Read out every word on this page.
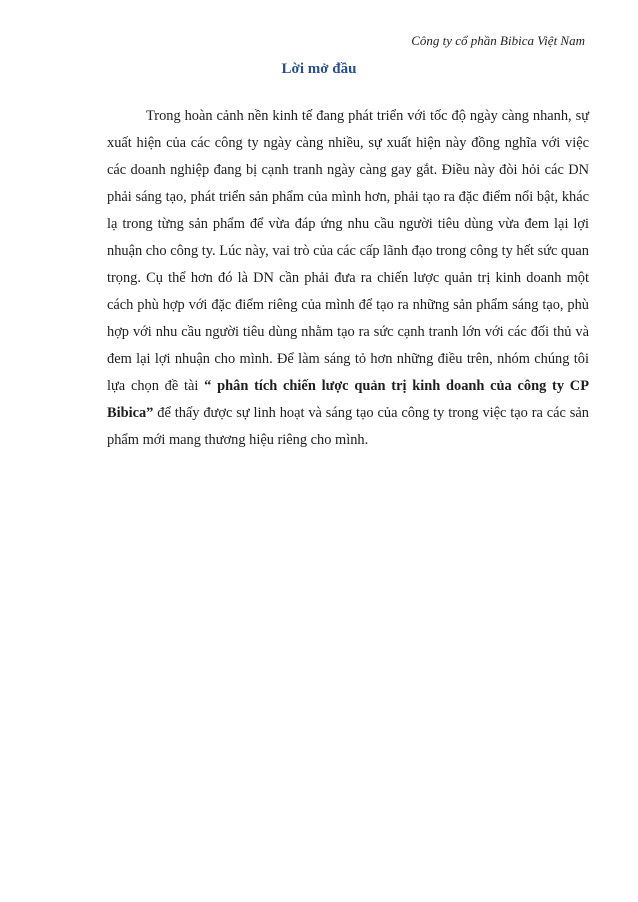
Công ty cổ phần Bibica Việt Nam
Lời mở đầu

Trong hoàn cảnh nền kinh tế đang phát triển với tốc độ ngày càng nhanh, sự xuất hiện của các công ty ngày càng nhiều, sự xuất hiện này đồng nghĩa với việc các doanh nghiệp đang bị cạnh tranh ngày càng gay gắt. Điều này đòi hỏi các DN phải sáng tạo, phát triển sản phẩm của mình hơn, phải tạo ra đặc điểm nổi bật, khác lạ trong từng sản phẩm để vừa đáp ứng nhu cầu người tiêu dùng vừa đem lại lợi nhuận cho công ty. Lúc này, vai trò của các cấp lãnh đạo trong công ty hết sức quan trọng. Cụ thể hơn đó là DN cần phải đưa ra chiến lược quản trị kinh doanh một cách phù hợp với đặc điểm riêng của mình để tạo ra những sản phẩm sáng tạo, phù hợp với nhu cầu người tiêu dùng nhằm tạo ra sức cạnh tranh lớn với các đối thủ và đem lại lợi nhuận cho mình. Để làm sáng tỏ hơn những điều trên, nhóm chúng tôi lựa chọn đề tài “ phân tích chiến lược quản trị kinh doanh của công ty CP Bibica” để thấy được sự linh hoạt và sáng tạo của công ty trong việc tạo ra các sản phẩm mới mang thương hiệu riêng cho mình.
